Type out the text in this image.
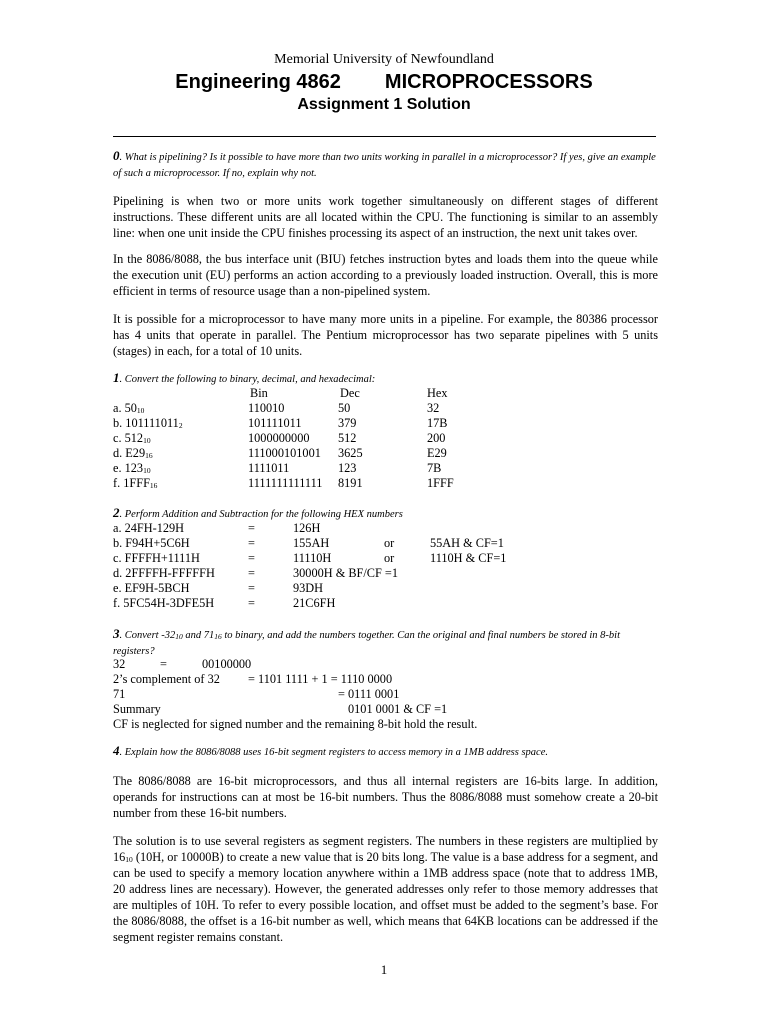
Memorial University of Newfoundland
Engineering 4862 MICROPROCESSORS
Assignment 1 Solution
0. What is pipelining? Is it possible to have more than two units working in parallel in a microprocessor? If yes, give an example of such a microprocessor. If no, explain why not.

Pipelining is when two or more units work together simultaneously on different stages of different instructions. These different units are all located within the CPU. The functioning is similar to an assembly line: when one unit inside the CPU finishes processing its aspect of an instruction, the next unit takes over.

In the 8086/8088, the bus interface unit (BIU) fetches instruction bytes and loads them into the queue while the execution unit (EU) performs an action according to a previously loaded instruction. Overall, this is more efficient in terms of resource usage than a non-pipelined system.

It is possible for a microprocessor to have many more units in a pipeline. For example, the 80386 processor has 4 units that operate in parallel. The Pentium microprocessor has two separate pipelines with 5 units (stages) in each, for a total of 10 units.

1. Convert the following to binary, decimal, and hexadecimal:
Bin	Dec	Hex
a. $50_{10}$	110010	50	32
b. $101111011_2$	101111011	379	17B
c. $512_{10}$	1000000000 512	200
d. $E29_{16}$	111000101001 3625	E29
e. $123_{10}$	1111011	123	7B
f. $1FFF_{16}$	1111111111111 8191	1FFF
2. Perform Addition and Subtraction for the following HEX numbers
a. 24FH-129H	=	126H
b. F94H+5C6H	=	155AH	or	55AH & CF=1
c. FFFFH+1111H	=	11110H	or	1110H & CF=1
d. 2FFFFH-FFFFFH	=	30000H & BF/CF =1
e. EF9H-5BCH	=	93DH
f. 5FC54H-3DFE5H	=	21C6FH
3. Convert $-32_{10}$ and $71_{16}$ to binary, and add the numbers together. Can the original and final numbers be stored in 8-bit registers?
32	=	00100000
2’s complement of 32 = 1101 1111 + 1 = 1110 0000
71	= 0111 0001
Summary	0101 0001 & CF =1
CF is neglected for signed number and the remaining 8-bit hold the result.
4. Explain how the 8086/8088 uses 16-bit segment registers to access memory in a 1MB address space.

The 8086/8088 are 16-bit microprocessors, and thus all internal registers are 16-bits large. In addition, operands for instructions can at most be 16-bit numbers. Thus the 8086/8088 must somehow create a 20-bit number from these 16-bit numbers.

The solution is to use several registers as segment registers. The numbers in these registers are multiplied by $16_{10}$ (10H, or 10000B) to create a new value that is 20 bits long. The value is a base address for a segment, and can be used to specify a memory location anywhere within a 1MB address space (note that to address 1MB, 20 address lines are necessary). However, the generated addresses only refer to those memory addresses that are multiples of 10H. To refer to every possible location, and offset must be added to the segment’s base. For the 8086/8088, the offset is a 16-bit number as well, which means that 64KB locations can be addressed if the segment register remains constant.

1
